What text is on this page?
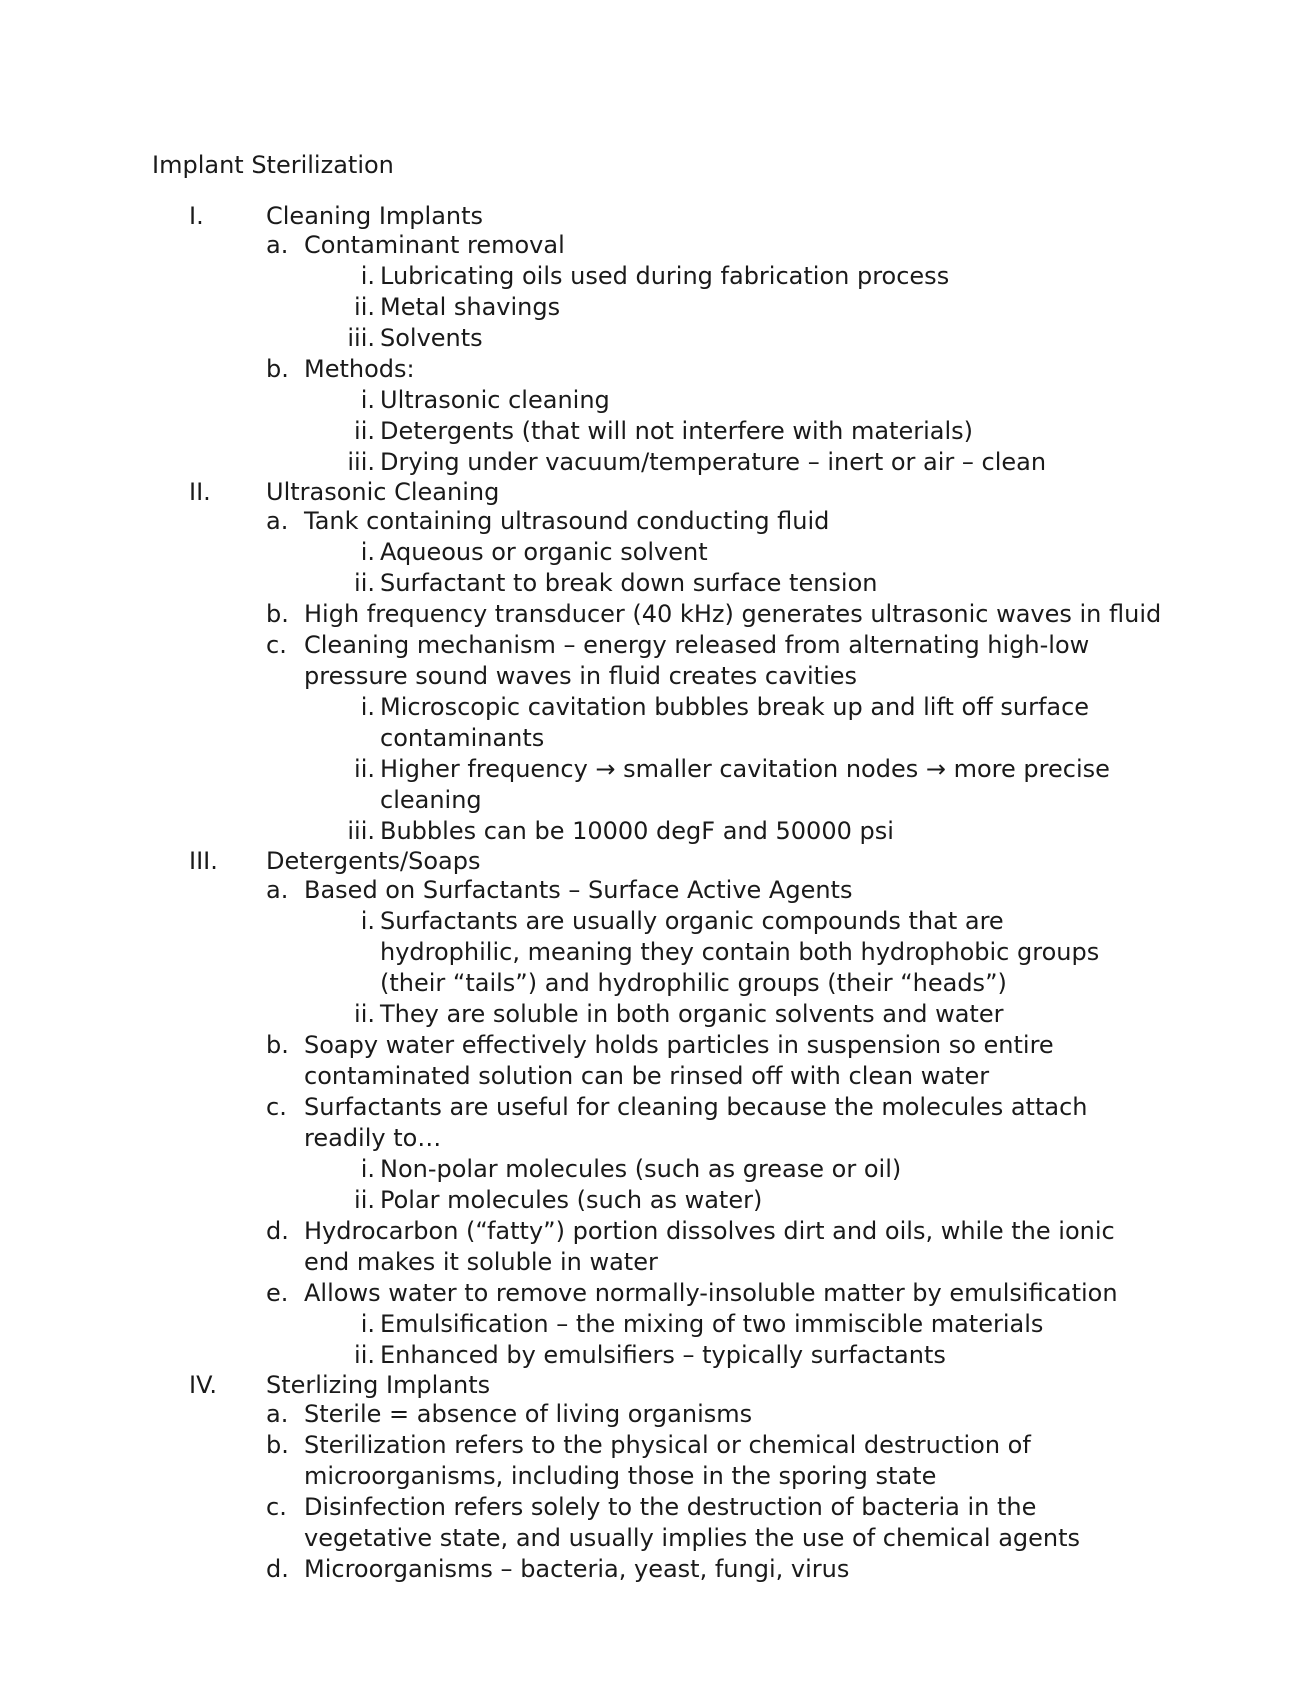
Implant Sterilization
I.	Cleaning Implants
a. Contaminant removal
i. Lubricating oils used during fabrication process
ii. Metal shavings
iii. Solvents
b. Methods:
i. Ultrasonic cleaning
ii. Detergents (that will not interfere with materials)
iii. Drying under vacuum/temperature – inert or air – clean
II. Ultrasonic Cleaning
a. Tank containing ultrasound conducting fluid
i. Aqueous or organic solvent
ii. Surfactant to break down surface tension
b. High frequency transducer (40 kHz) generates ultrasonic waves in fluid
c. Cleaning mechanism – energy released from alternating high-low pressure sound waves in fluid creates cavities
i. Microscopic cavitation bubbles break up and lift off surface contaminants
ii. Higher frequency → smaller cavitation nodes → more precise cleaning
iii. Bubbles can be 10000 degF and 50000 psi
III. Detergents/Soaps
a. Based on Surfactants – Surface Active Agents
i. Surfactants are usually organic compounds that are hydrophilic, meaning they contain both hydrophobic groups (their “tails”) and hydrophilic groups (their “heads”)
ii. They are soluble in both organic solvents and water
b. Soapy water effectively holds particles in suspension so entire contaminated solution can be rinsed off with clean water
c. Surfactants are useful for cleaning because the molecules attach readily to…
i. Non-polar molecules (such as grease or oil)
ii. Polar molecules (such as water)
d. Hydrocarbon (“fatty”) portion dissolves dirt and oils, while the ionic end makes it soluble in water
e. Allows water to remove normally-insoluble matter by emulsification
i. Emulsification – the mixing of two immiscible materials
ii. Enhanced by emulsifiers – typically surfactants
IV. Sterlizing Implants
a. Sterile = absence of living organisms
b. Sterilization refers to the physical or chemical destruction of microorganisms, including those in the sporing state
c. Disinfection refers solely to the destruction of bacteria in the vegetative state, and usually implies the use of chemical agents
d. Microorganisms – bacteria, yeast, fungi, virus
